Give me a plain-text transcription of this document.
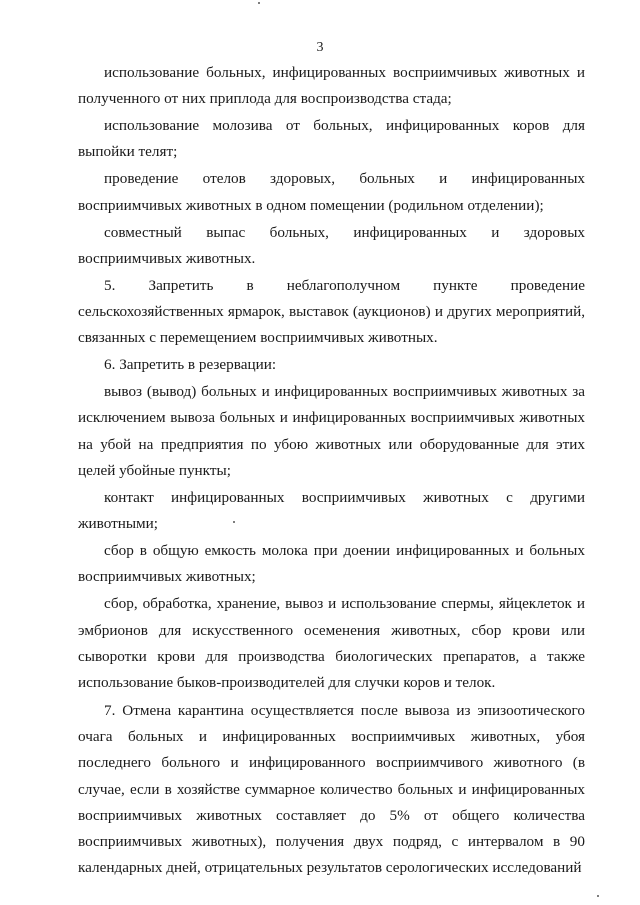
3

использование больных, инфицированных восприимчивых животных и полученного от них приплода для воспроизводства стада;

использование молозива от больных, инфицированных коров для выпойки телят;

проведение отелов здоровых, больных и инфицированных восприимчивых животных в одном помещении (родильном отделении);

совместный выпас больных, инфицированных и здоровых восприимчивых животных.

5. Запретить в неблагополучном пункте проведение сельскохозяйственных ярмарок, выставок (аукционов) и других мероприятий, связанных с перемещением восприимчивых животных.

6. Запретить в резервации:

вывоз (вывод) больных и инфицированных восприимчивых животных за исключением вывоза больных и инфицированных восприимчивых животных на убой на предприятия по убою животных или оборудованные для этих целей убойные пункты;

контакт инфицированных восприимчивых животных с другими животными;

сбор в общую емкость молока при доении инфицированных и больных восприимчивых животных;

сбор, обработка, хранение, вывоз и использование спермы, яйцеклеток и эмбрионов для искусственного осеменения животных, сбор крови или сыворотки крови для производства биологических препаратов, а также использование быков-производителей для случки коров и телок.

7. Отмена карантина осуществляется после вывоза из эпизоотического очага больных и инфицированных восприимчивых животных, убоя последнего больного и инфицированного восприимчивого животного (в случае, если в хозяйстве суммарное количество больных и инфицированных восприимчивых животных составляет до 5% от общего количества восприимчивых животных), получения двух подряд, с интервалом в 90 календарных дней, отрицательных результатов серологических исследований
